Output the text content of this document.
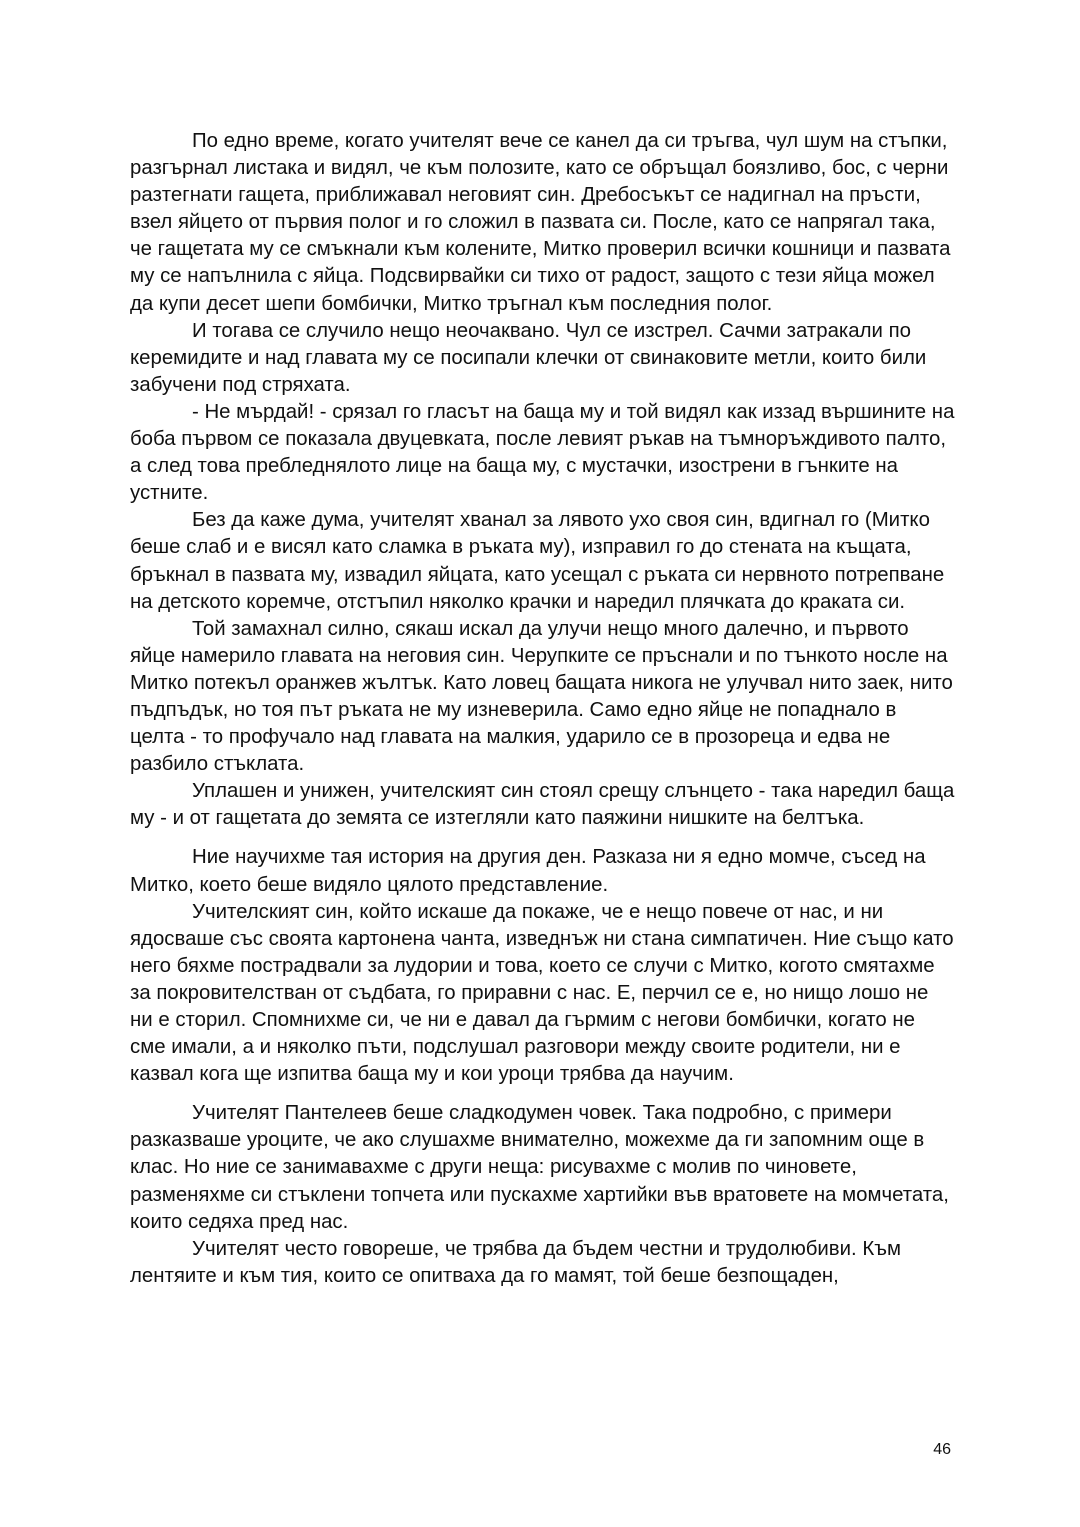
По едно време, когато учителят вече се канел да си тръгва, чул шум на стъпки, разгърнал листака и видял, че към полозите, като се обръщал боязливо, бос, с черни разтегнати гащета, приближавал неговият син. Дребосъкът се надигнал на пръсти, взел яйцето от първия полог и го сложил в пазвата си. После, като се напрягал така, че гащетата му се смъкнали към колените, Митко проверил всички кошници и пазвата му се напълнила с яйца. Подсвирвайки си тихо от радост, защото с тези яйца можел да купи десет шепи бомбички, Митко тръгнал към последния полог.

И тогава се случило нещо неочаквано. Чул се изстрел. Сачми затракали по керемидите и над главата му се посипали клечки от свинаковите метли, които били забучени под стряхата.

- Не мърдай! - срязал го гласът на баща му и той видял как иззад вършините на боба първом се показала двуцевката, после левият ръкав на тъмноръждивото палто, а след това пребледнялото лице на баща му, с мустачки, изострени в гънките на устните.

Без да каже дума, учителят хванал за лявото ухо своя син, вдигнал го (Митко беше слаб и е висял като сламка в ръката му), изправил го до стената на къщата, бръкнал в пазвата му, извадил яйцата, като усещал с ръката си нервното потрепване на детското коремче, отстъпил няколко крачки и наредил плячката до краката си.

Той замахнал силно, сякаш искал да улучи нещо много далечно, и първото яйце намерило главата на неговия син. Черупките се пръснали и по тънкото носле на Митко потекъл оранжев жълтък. Като ловец бащата никога не улучвал нито заек, нито пъдпъдък, но тоя път ръката не му изневерила. Само едно яйце не попаднало в целта - то профучало над главата на малкия, ударило се в прозореца и едва не разбило стъклата.

Уплашен и унижен, учителският син стоял срещу слънцето - така наредил баща му - и от гащетата до земята се изтегляли като паяжини нишките на белтъка.

Ние научихме тая история на другия ден. Разказа ни я едно момче, съсед на Митко, което беше видяло цялото представление.

Учителският син, който искаше да покаже, че е нещо повече от нас, и ни ядосваше със своята картонена чанта, изведнъж ни стана симпатичен. Ние също като него бяхме пострадвали за лудории и това, което се случи с Митко, когото смятахме за покровителстван от съдбата, го приравни с нас. Е, перчил се е, но нищо лошо не ни е сторил. Спомнихме си, че ни е давал да гърмим с негови бомбички, когато не сме имали, а и няколко пъти, подслушал разговори между своите родители, ни е казвал кога ще изпитва баща му и кои уроци трябва да научим.

Учителят Пантелеев беше сладкодумен човек. Така подробно, с примери разказваше уроците, че ако слушахме внимателно, можехме да ги запомним още в клас. Но ние се занимавахме с други неща: рисувахме с молив по чиновете, разменяхме си стъклени топчета или пускахме хартийки във вратовете на момчетата, които седяха пред нас.

Учителят често говореше, че трябва да бъдем честни и трудолюбиви. Към лентяите и към тия, които се опитваха да го мамят, той беше безпощаден,

46
